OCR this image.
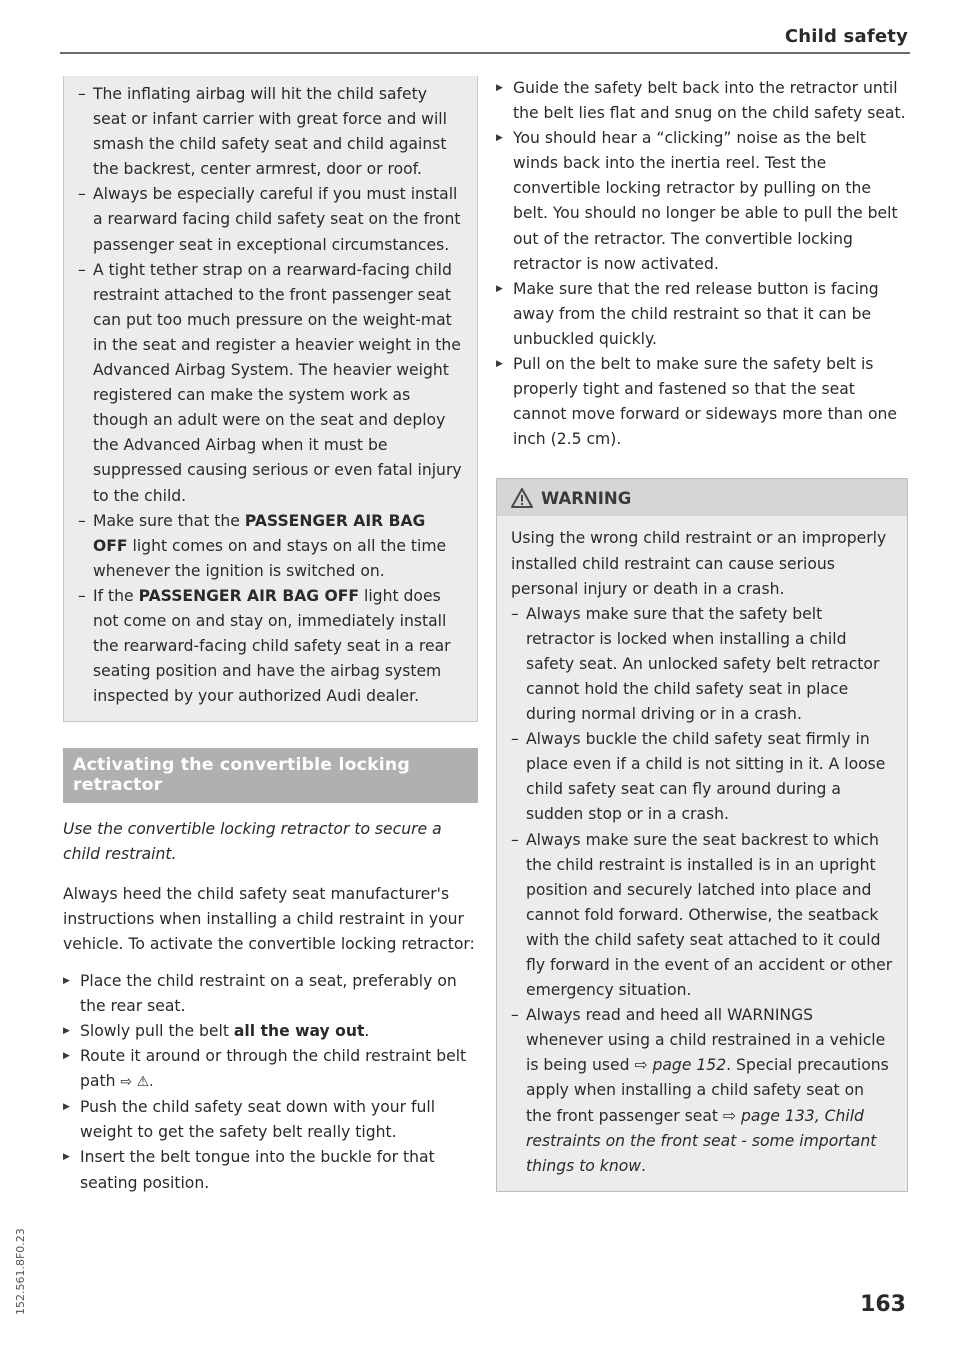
Child safety
– The inflating airbag will hit the child safety seat or infant carrier with great force and will smash the child safety seat and child against the backrest, center armrest, door or roof.
– Always be especially careful if you must install a rearward facing child safety seat on the front passenger seat in exceptional circumstances.
– A tight tether strap on a rearward-facing child restraint attached to the front passenger seat can put too much pressure on the weight-mat in the seat and register a heavier weight in the Advanced Airbag System. The heavier weight registered can make the system work as though an adult were on the seat and deploy the Advanced Airbag when it must be suppressed causing serious or even fatal injury to the child.
– Make sure that the PASSENGER AIR BAG OFF light comes on and stays on all the time whenever the ignition is switched on.
– If the PASSENGER AIR BAG OFF light does not come on and stay on, immediately install the rearward-facing child safety seat in a rear seating position and have the airbag system inspected by your authorized Audi dealer.
Activating the convertible locking retractor

Use the convertible locking retractor to secure a child restraint.

Always heed the child safety seat manufacturer's instructions when installing a child restraint in your vehicle. To activate the convertible locking retractor:

▶ Place the child restraint on a seat, preferably on the rear seat.
▶ Slowly pull the belt all the way out.
▶ Route it around or through the child restraint belt path ⇨ ⚠.
▶ Push the child safety seat down with your full weight to get the safety belt really tight.
▶ Insert the belt tongue into the buckle for that seating position.
▶ Guide the safety belt back into the retractor until the belt lies flat and snug on the child safety seat.
▶ You should hear a “clicking” noise as the belt winds back into the inertia reel. Test the convertible locking retractor by pulling on the belt. You should no longer be able to pull the belt out of the retractor. The convertible locking retractor is now activated.
▶ Make sure that the red release button is facing away from the child restraint so that it can be unbuckled quickly.
▶ Pull on the belt to make sure the safety belt is properly tight and fastened so that the seat cannot move forward or sideways more than one inch (2.5 cm).
WARNING

Using the wrong child restraint or an improperly installed child restraint can cause serious personal injury or death in a crash.

– Always make sure that the safety belt retractor is locked when installing a child safety seat. An unlocked safety belt retractor cannot hold the child safety seat in place during normal driving or in a crash.
– Always buckle the child safety seat firmly in place even if a child is not sitting in it. A loose child safety seat can fly around during a sudden stop or in a crash.
– Always make sure the seat backrest to which the child restraint is installed is in an upright position and securely latched into place and cannot fold forward. Otherwise, the seatback with the child safety seat attached to it could fly forward in the event of an accident or other emergency situation.
– Always read and heed all WARNINGS whenever using a child restrained in a vehicle is being used ⇨ page 152. Special precautions apply when installing a child safety seat on the front passenger seat ⇨ page 133, Child restraints on the front seat - some important things to know.
163
152.561.8F0.23
